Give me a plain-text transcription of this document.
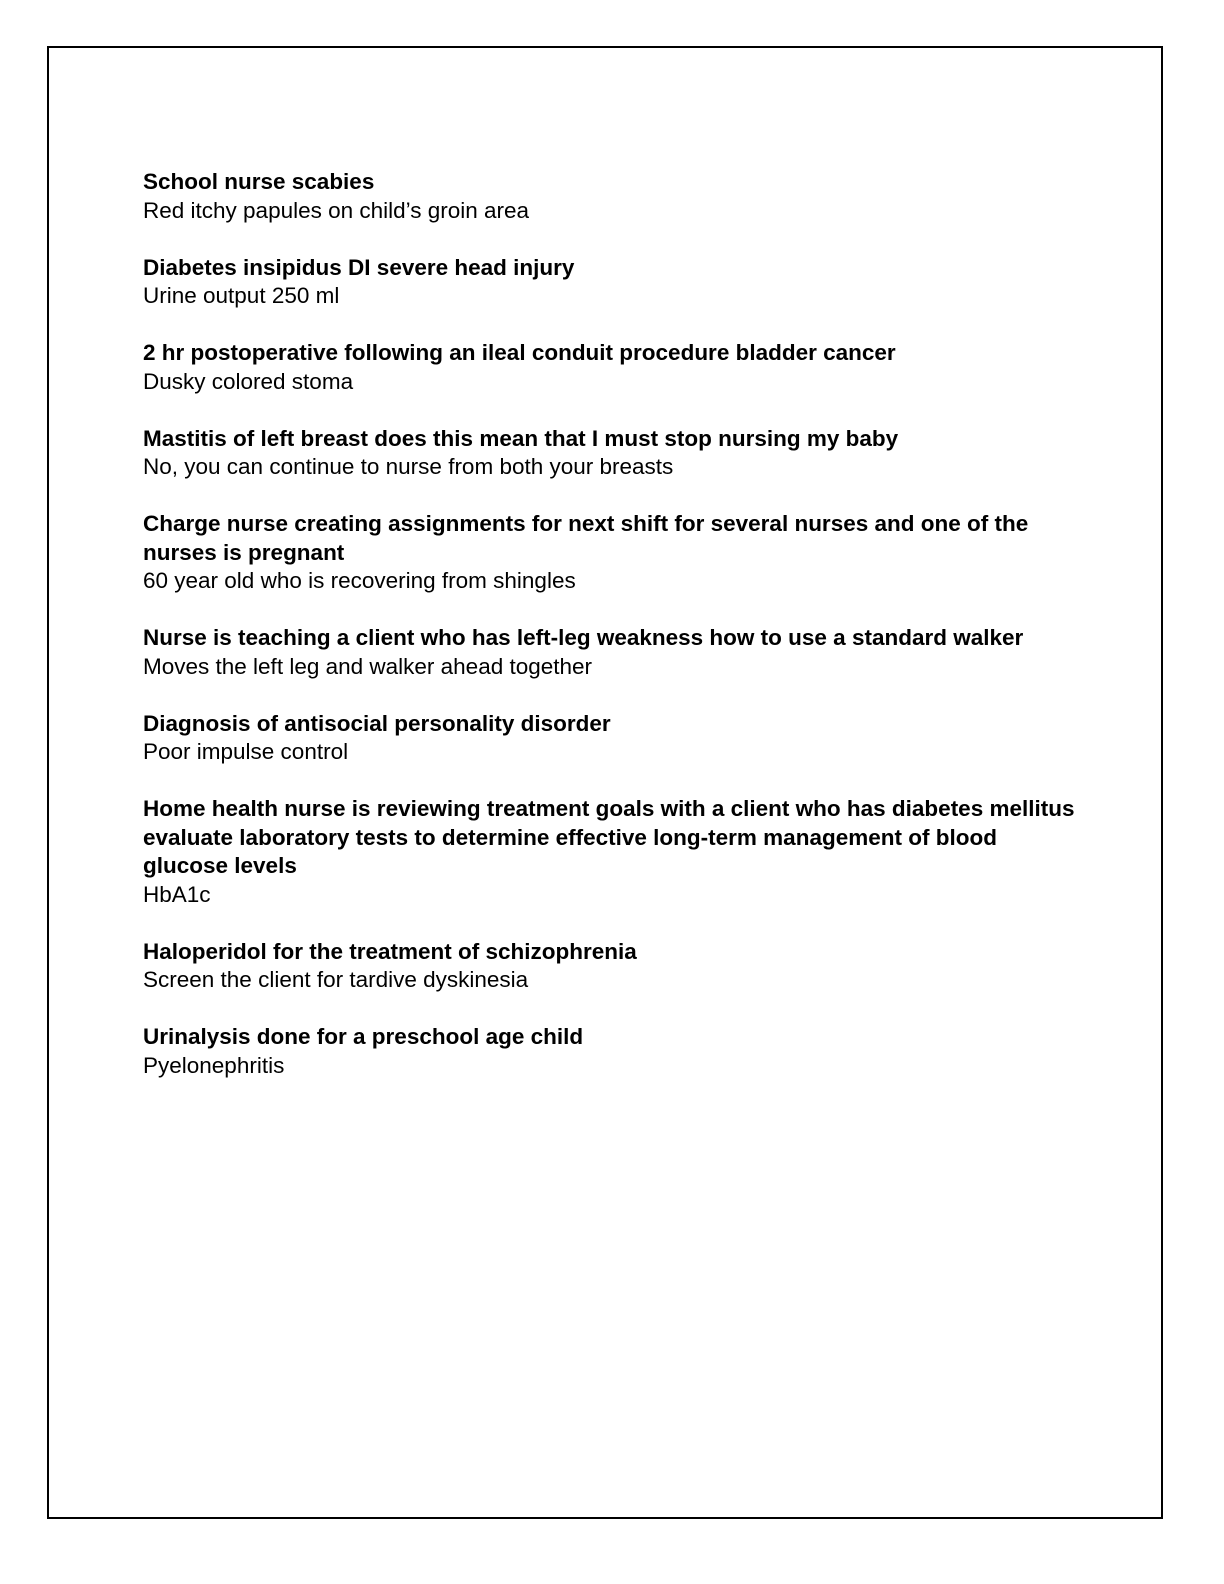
School nurse scabies

Red itchy papules on child’s groin area

Diabetes insipidus DI severe head injury

Urine output 250 ml

2 hr postoperative following an ileal conduit procedure bladder cancer

Dusky colored stoma

Mastitis of left breast does this mean that I must stop nursing my baby

No, you can continue to nurse from both your breasts

Charge nurse creating assignments for next shift for several nurses and one of the nurses is pregnant

60 year old who is recovering from shingles

Nurse is teaching a client who has left-leg weakness how to use a standard walker

Moves the left leg and walker ahead together

Diagnosis of antisocial personality disorder

Poor impulse control

Home health nurse is reviewing treatment goals with a client who has diabetes mellitus evaluate laboratory tests to determine effective long-term management of blood glucose levels

HbA1c

Haloperidol for the treatment of schizophrenia

Screen the client for tardive dyskinesia

Urinalysis done for a preschool age child

Pyelonephritis
